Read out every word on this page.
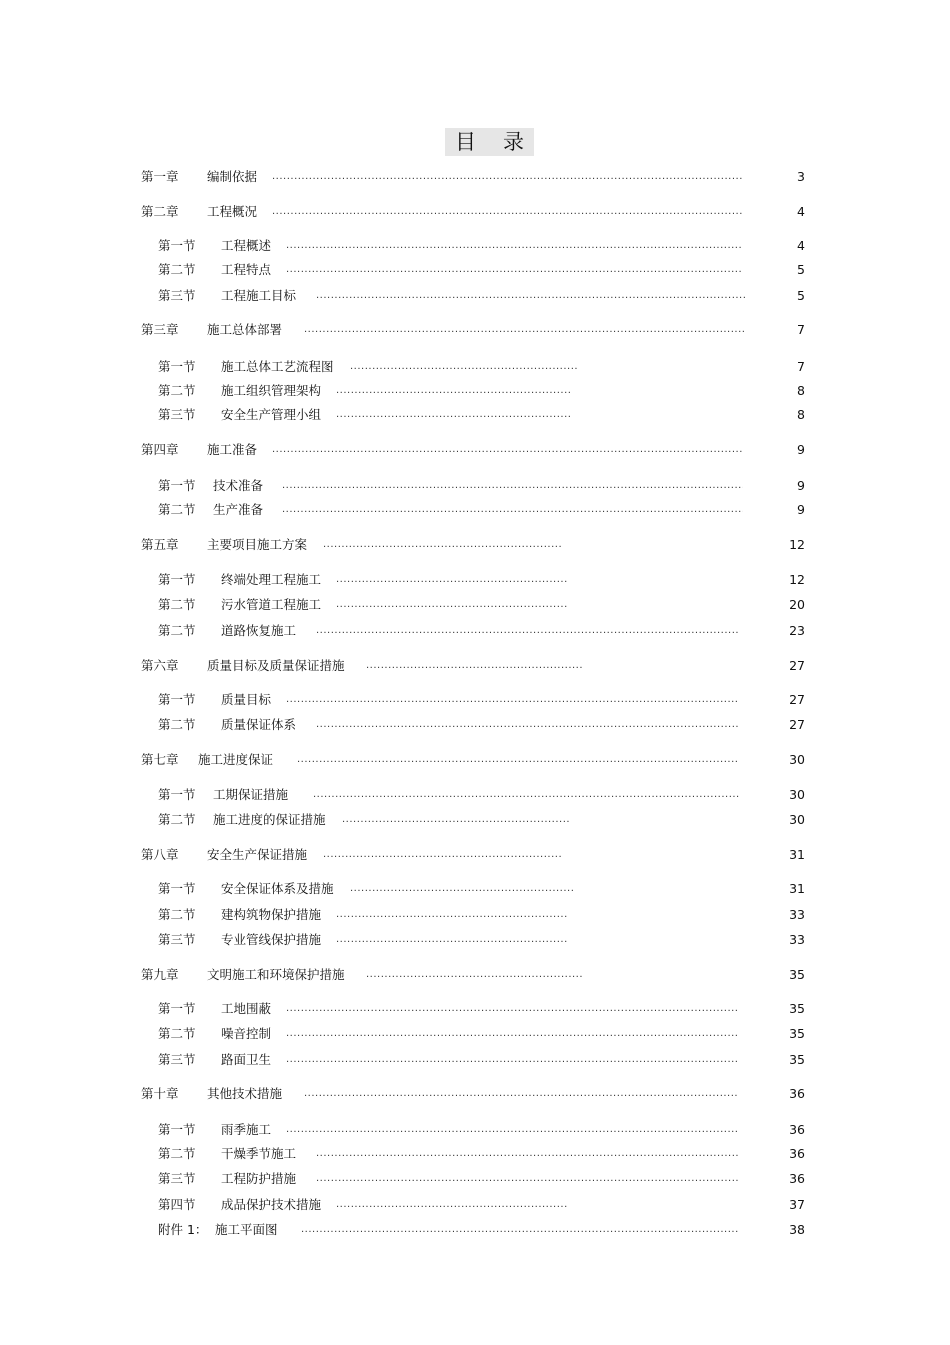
目 录
第一章 编制依据 .....	3
第二章 工程概况 .....	4
第一节 工程概述 .....	4
第二节 工程特点 .....	5
第三节 工程施工目标 .....	5
第三章 施工总体部署 .....	7
第一节 施工总体工艺流程图 .....	7
第二节 施工组织管理架构 .....	8
第三节 安全生产管理小组 .....	8
第四章 施工准备 .....	9
第一节 技术准备 .....	9
第二节 生产准备 .....	9
第五章 主要项目施工方案 .....	12
第一节 终端处理工程施工 .....	12
第二节 污水管道工程施工 .....	20
第二节 道路恢复施工 .....	23
第六章 质量目标及质量保证措施 .....	27
第一节 质量目标 .....	27
第二节 质量保证体系 .....	27
第七章 施工进度保证 .....	30
第一节 工期保证措施 .....	30
第二节 施工进度的保证措施 .....	30
第八章 安全生产保证措施 .....	31
第一节 安全保证体系及措施 .....	31
第二节 建构筑物保护措施 .....	33
第三节 专业管线保护措施 .....	33
第九章 文明施工和环境保护措施 .....	35
第一节 工地围蔽 .....	35
第二节 噪音控制 .....	35
第三节 路面卫生 .....	35
第十章 其他技术措施 .....	36
第一节 雨季施工 .....	36
第二节 干燥季节施工 .....	36
第三节 工程防护措施 .....	36
第四节 成品保护技术措施 .....	37
附件 1： 施工平面图 .....	38
